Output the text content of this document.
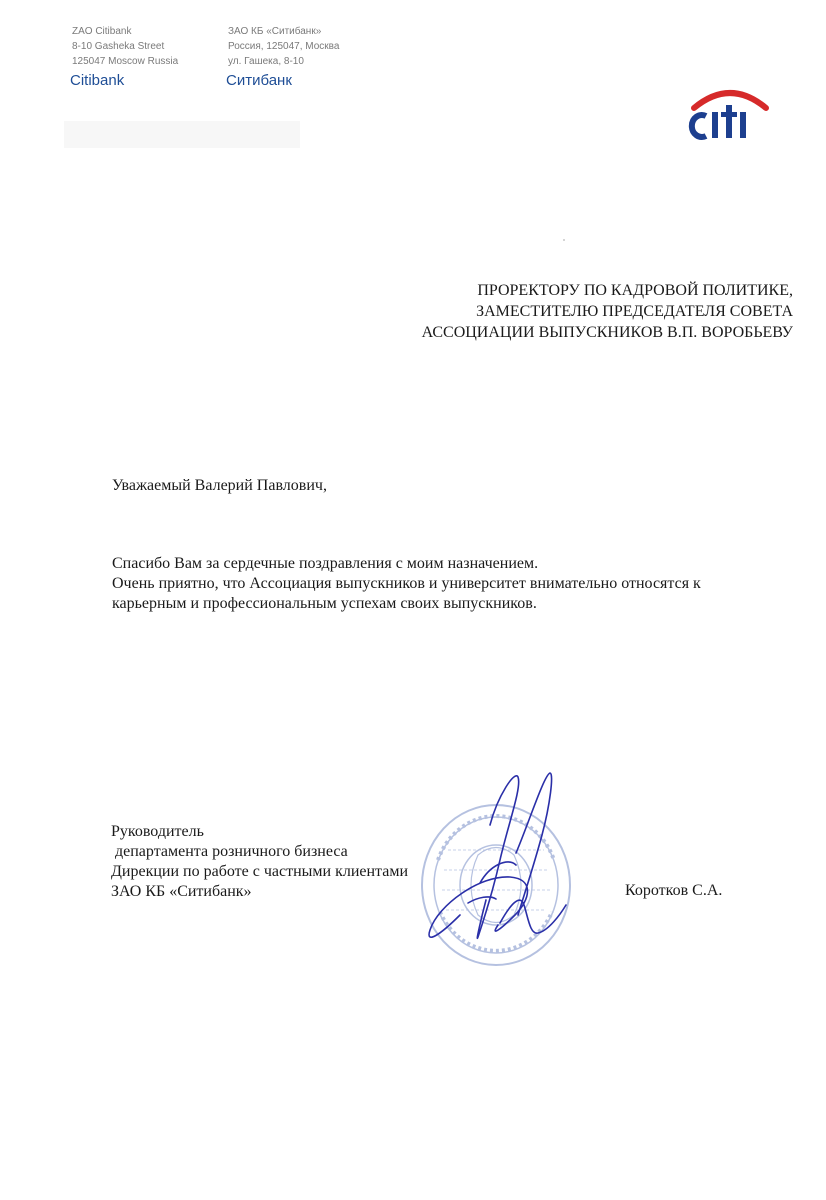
ZAO Citibank
8-10 Gasheka Street
125047 Moscow Russia
ЗАО КБ «Ситибанк»
Россия, 125047, Москва
ул. Гашека, 8-10
Citibank	Ситибанк
ПРОРЕКТОРУ ПО КАДРОВОЙ ПОЛИТИКЕ,
ЗАМЕСТИТЕЛЮ ПРЕДСЕДАТЕЛЯ СОВЕТА
АССОЦИАЦИИ ВЫПУСКНИКОВ В.П. ВОРОБЬЕВУ
Уважаемый Валерий Павлович,
Спасибо Вам за сердечные поздравления с моим назначением.
Очень приятно, что Ассоциация выпускников и университет внимательно относятся к
карьерным и профессиональным успехам своих выпускников.
Руководитель
департамента розничного бизнеса
Дирекции по работе с частными клиентами
ЗАО КБ «Ситибанк»	Коротков С.А.
